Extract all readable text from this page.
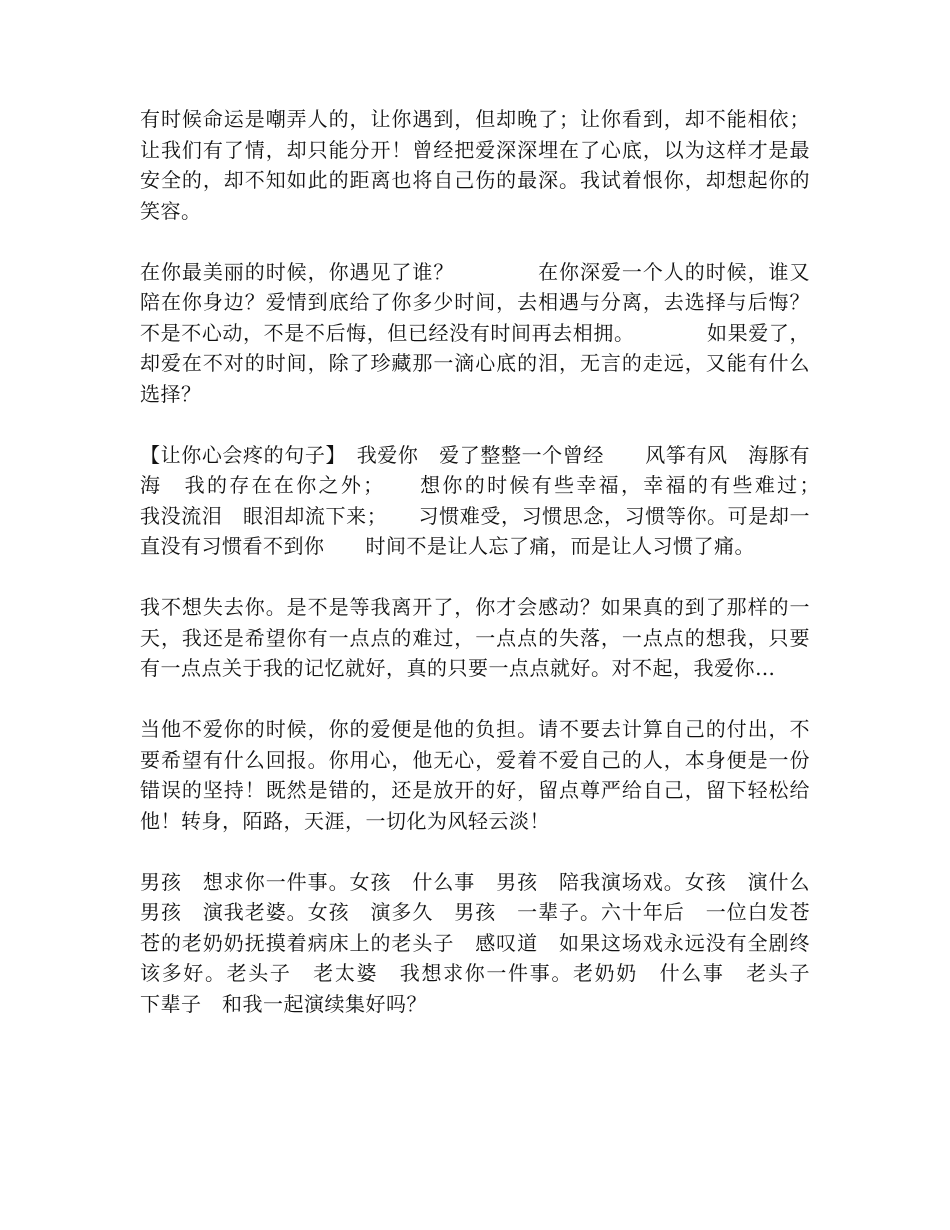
有时候命运是嘲弄人的，让你遇到，但却晚了；让你看到，却不能相依；让我们有了情，却只能分开！曾经把爱深深埋在了心底，以为这样才是最安全的，却不知如此的距离也将自己伤的最深。我试着恨你，却想起你的笑容。

在你最美丽的时候，你遇见了谁？　　　　在你深爱一个人的时候，谁又陪在你身边？爱情到底给了你多少时间，去相遇与分离，去选择与后悔？不是不心动，不是不后悔，但已经没有时间再去相拥。　　　　如果爱了，却爱在不对的时间，除了珍藏那一滴心底的泪，无言的走远，又能有什么选择？

【让你心会疼的句子】　我爱你　爱了整整一个曾经　　风筝有风　海豚有海　我的存在在你之外；　　想你的时候有些幸福，幸福的有些难过；　　我没流泪　眼泪却流下来；　　习惯难受，习惯思念，习惯等你。可是却一直没有习惯看不到你　　时间不是让人忘了痛，而是让人习惯了痛。

我不想失去你。是不是等我离开了，你才会感动？如果真的到了那样的一天，我还是希望你有一点点的难过，一点点的失落，一点点的想我，只要有一点点关于我的记忆就好，真的只要一点点就好。对不起，我爱你…

当他不爱你的时候，你的爱便是他的负担。请不要去计算自己的付出，不要希望有什么回报。你用心，他无心，爱着不爱自己的人，本身便是一份错误的坚持！既然是错的，还是放开的好，留点尊严给自己，留下轻松给他！转身，陌路，天涯，一切化为风轻云淡！

男孩　想求你一件事。女孩　什么事　男孩　陪我演场戏。女孩　演什么　男孩　演我老婆。女孩　演多久　男孩　一辈子。六十年后　一位白发苍苍的老奶奶抚摸着病床上的老头子　感叹道　如果这场戏永远没有全剧终该多好。老头子　老太婆　我想求你一件事。老奶奶　什么事　老头子　下辈子　和我一起演续集好吗？
